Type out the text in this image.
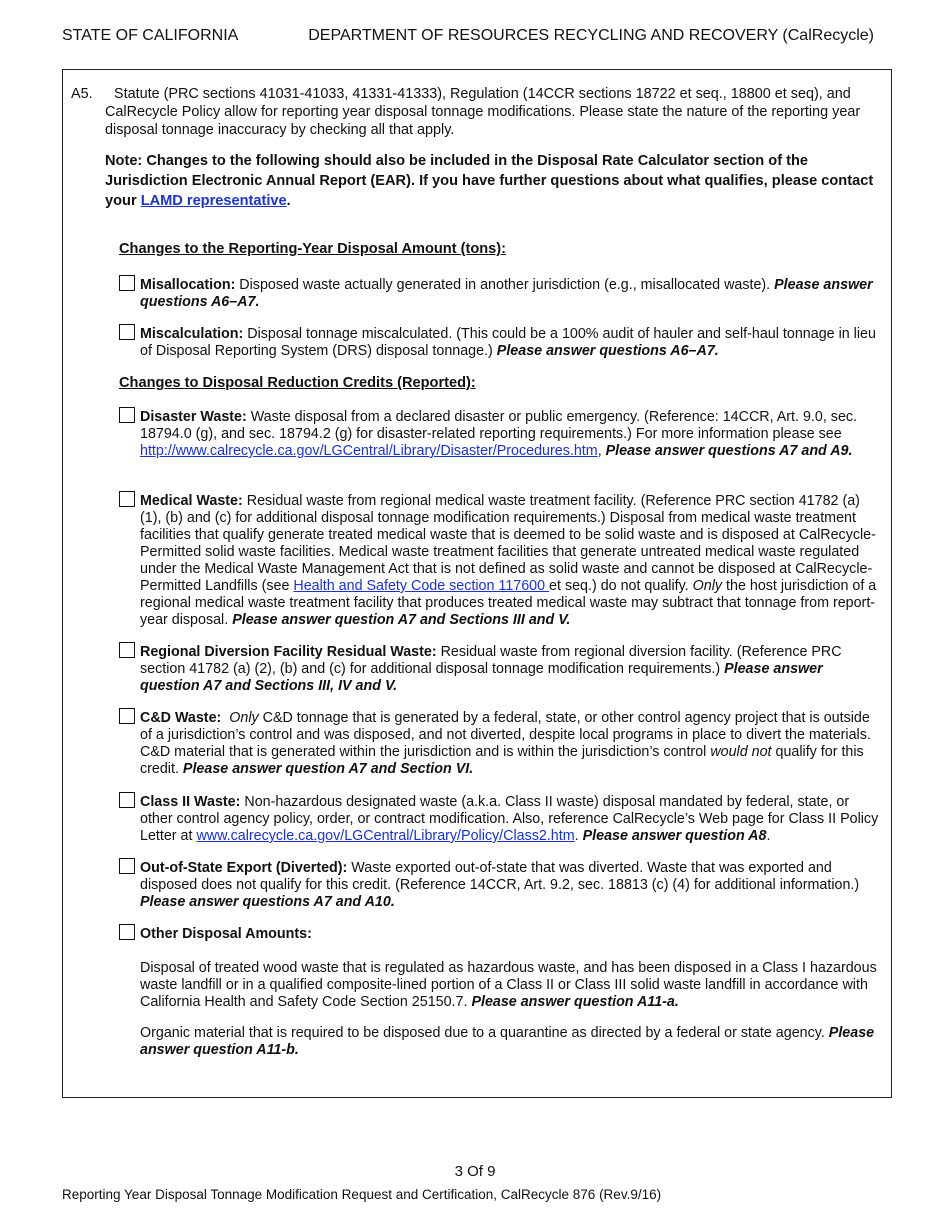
STATE OF CALIFORNIA	DEPARTMENT OF RESOURCES RECYCLING AND RECOVERY (CalRecycle)
A5.	Statute (PRC sections 41031-41033, 41331-41333), Regulation (14CCR sections 18722 et seq., 18800 et seq), and CalRecycle Policy allow for reporting year disposal tonnage modifications. Please state the nature of the reporting year disposal tonnage inaccuracy by checking all that apply.
Note: Changes to the following should also be included in the Disposal Rate Calculator section of the Jurisdiction Electronic Annual Report (EAR). If you have further questions about what qualifies, please contact your LAMD representative.
Changes to the Reporting-Year Disposal Amount (tons):
Misallocation: Disposed waste actually generated in another jurisdiction (e.g., misallocated waste). Please answer questions A6–A7.
Miscalculation: Disposal tonnage miscalculated. (This could be a 100% audit of hauler and self-haul tonnage in lieu of Disposal Reporting System (DRS) disposal tonnage.) Please answer questions A6–A7.
Changes to Disposal Reduction Credits (Reported):
Disaster Waste: Waste disposal from a declared disaster or public emergency. (Reference: 14CCR, Art. 9.0, sec. 18794.0 (g), and sec. 18794.2 (g) for disaster-related reporting requirements.) For more information please see http://www.calrecycle.ca.gov/LGCentral/Library/Disaster/Procedures.htm, Please answer questions A7 and A9.
Medical Waste: Residual waste from regional medical waste treatment facility. (Reference PRC section 41782 (a) (1), (b) and (c) for additional disposal tonnage modification requirements.) Disposal from medical waste treatment facilities that qualify generate treated medical waste that is deemed to be solid waste and is disposed at CalRecycle-Permitted solid waste facilities. Medical waste treatment facilities that generate untreated medical waste regulated under the Medical Waste Management Act that is not defined as solid waste and cannot be disposed at CalRecycle-Permitted Landfills (see Health and Safety Code section 117600 et seq.) do not qualify. Only the host jurisdiction of a regional medical waste treatment facility that produces treated medical waste may subtract that tonnage from report-year disposal. Please answer question A7 and Sections III and V.
Regional Diversion Facility Residual Waste: Residual waste from regional diversion facility. (Reference PRC section 41782 (a) (2), (b) and (c) for additional disposal tonnage modification requirements.) Please answer question A7 and Sections III, IV and V.
C&D Waste: Only C&D tonnage that is generated by a federal, state, or other control agency project that is outside of a jurisdiction’s control and was disposed, and not diverted, despite local programs in place to divert the materials. C&D material that is generated within the jurisdiction and is within the jurisdiction’s control would not qualify for this credit. Please answer question A7 and Section VI.
Class II Waste: Non-hazardous designated waste (a.k.a. Class II waste) disposal mandated by federal, state, or other control agency policy, order, or contract modification. Also, reference CalRecycle’s Web page for Class II Policy Letter at www.calrecycle.ca.gov/LGCentral/Library/Policy/Class2.htm. Please answer question A8.
Out-of-State Export (Diverted): Waste exported out-of-state that was diverted. Waste that was exported and disposed does not qualify for this credit. (Reference 14CCR, Art. 9.2, sec. 18813 (c) (4) for additional information.) Please answer questions A7 and A10.
Other Disposal Amounts:
Disposal of treated wood waste that is regulated as hazardous waste, and has been disposed in a Class I hazardous waste landfill or in a qualified composite-lined portion of a Class II or Class III solid waste landfill in accordance with California Health and Safety Code Section 25150.7. Please answer question A11-a.
Organic material that is required to be disposed due to a quarantine as directed by a federal or state agency. Please answer question A11-b.
3 Of 9
Reporting Year Disposal Tonnage Modification Request and Certification, CalRecycle 876 (Rev.9/16)
